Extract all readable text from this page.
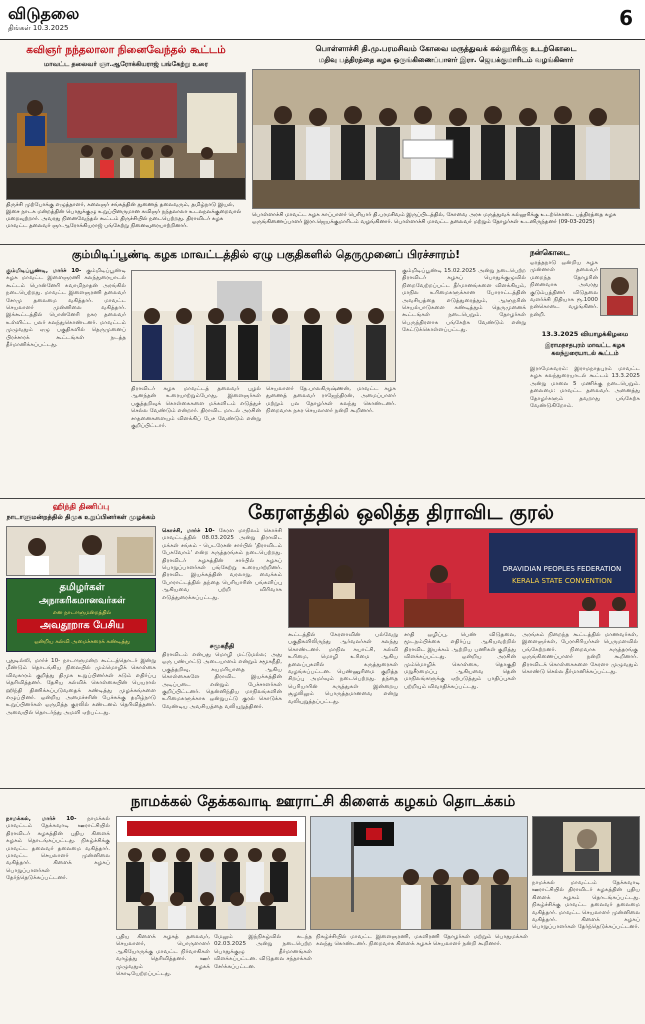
விடுதலை
திங்கள் 10.3.2025	6
கவிஞர் நந்தலாலா நினைவேந்தல் கூட்டம்
மாவட்ட தலைவர் ஞா.ஆரோக்கியராஜ் பங்கேற்று உரை
திருச்சி முற்போக்கு எழுத்தாளர், கலைஞர் சங்கத்தின் துணைத் தலைவரும், தமிழ்நாடு இயல், இசை நாடக மன்றத்தின் பொதுக்குழு உறுப்பினருமான கவிஞர் நந்தலாலா உடலநலக்குறைவால் மறைவுற்றார். அவரது நினைவேந்தல் கூட்டம் திருச்சியில் நடைபெற்றது. திராவிடர் கழக மாவட்ட தலைவர் ஞா.ஆரோக்கியராஜ் பங்கேற்று நினைவுரையாற்றினார்.
பொள்ளாச்சி தி.மு.பரமசிவம் கோவை மருத்துவக் கல்லூரிக்கு உடற்கொடை
மதிவு பத்திரத்தை கழக ஒருங்கிணைப்பாளர் இரா. ஜெயக்குமாரிடம் வழங்கினார்
பொள்ளாச்சி மாவட்ட கழக காப்பாளர் பெரியார் தி.பரமசிவம் இருப்பிடத்தில், கோவை அரசு மருத்துவக் கல்லூரிக்கு உடற்கொடை பத்திரத்தை கழக ஒருங்கிணைப்பாளர் இரா.ஜெயக்குமாரிடம் வழங்கினார். பொள்ளாச்சி மாவட்ட தலைவர் மற்றும் தோழர்கள் உடனிருந்தனர் (09-03-2025)
கும்மிடிப்பூண்டி கழக மாவட்டத்தில் ஏழு பகுதிகளில் தெருமுனைப் பிரச்சாரம்!
கும்மிடிப்பூண்டி, மார்ச் 10- கும்மிடிப்பூண்டி கழக மாவட்ட இளைஞரணி கலந்துரையாடல் கூட்டம் பொன்னேரி சுவாமிநாதன் அரங்கில் நடைபெற்றது. மாவட்ட இளைஞரணி தலைவர் சோமு தலைமை வகித்தார். மாவட்ட செயலாளர் முன்னிலை வகித்தார். இக்கூட்டத்தில் பொன்னேரி நகர தலைவர் உள்ளிட்ட பலர் கலந்துகொண்டனர். மாவட்டம் முழுவதும் ஏழு பகுதிகளில் தெருமுனைப் பிரச்சாரக் கூட்டங்கள் நடத்த தீர்மானிக்கப்பட்டது.
திராவிடர் கழக மாவட்டத் தலைவர் புழல் ஆனந்தன் உரையாற்றும்போது, இளைஞர்கள் பகுத்தறிவுக் கொள்கைகளை மக்களிடம் எடுத்துச் செல்ல வேண்டும் என்றார். திராவிட மாடல் அரசின் சாதனைகளையும் விளக்கிப் பேச வேண்டும் என்று குறிப்பிட்டார்.
செயலாளர் தே.பாலகிருஷ்ணன், மாவட்ட கழக துணைத் தலைவர் ராஜேந்திரன், அமைப்பாளர் மற்றும் பல தோழர்கள் கலந்து கொண்டனர். நிறைவாக நகர செயலாளர் நன்றி கூறினார்.
கும்மிடிப்பூண்டி 15.02.2025 அன்று நடைபெற்ற திராவிடர் கழகப் பொதுக்குழுவில் நிறைவேற்றப்பட்ட தீர்மானங்களை விளக்கியும், மாநில உரிமைகளுக்கான போராட்டத்தின் அவசியத்தை எடுத்துரைத்தும், ஆளுநரின் செயல்பாடுகளை கண்டித்தும் தெருமுனைக் கூட்டங்கள் நடைபெறும். தோழர்கள் பெருந்திரளாக பங்கேற்க வேண்டும் என்று கேட்டுக்கொள்ளப்பட்டது.
நன்கொடை
ஒரத்தநாடு ஒன்றிய கழக முன்னாள் தலைவர் மறைந்த தோழரின் நினைவாக அவரது குடும்பத்தினர் விடுதலை வளர்ச்சி நிதியாக ரூ.1000 நன்கொடை வழங்கினர். நன்றி.
13.3.2025 வியாழக்கிழமை
இராமநாதபுரம் மாவட்ட கழக கலந்துரையாடல் கூட்டம்
இராமேசுவரம்: இராமநாதபுரம் மாவட்ட கழக கலந்துரையாடல் கூட்டம் 13.3.2025 அன்று மாலை 5 மணிக்கு நடைபெறும். தலைமை: மாவட்ட தலைவர். அனைத்து தோழர்களும் தவறாது பங்கேற்க வேண்டுகிறோம்.
ஹிந்தி திணிப்பு
நாடாளுமன்றத்தில் திமுக உறுப்பினர்கள் முழக்கம்
தமிழர்கள்
அநாகரிகமானவர்கள்
என நாடாளுமன்றத்தில்
அவதூறாக பேசிய
ஒன்றிய கல்வி அமைச்சரைக் கண்டித்து
புதுடில்லி, மார்ச் 10- நாடாளுமன்ற கூட்டத்தொடர் இன்று மீண்டும் தொடங்கிய நிலையில் மும்மொழிக் கொள்கை விவகாரம் குறித்து திமுக உறுப்பினர்கள் கடும் எதிர்ப்பு தெரிவித்தனர். தேசிய கல்விக் கொள்கையின் பெயரால் ஹிந்தி திணிக்கப்படுவதைக் கண்டித்து முழக்கங்களை எழுப்பினர். ஒன்றிய அமைச்சரின் பேச்சுக்கு தமிழ்நாடு உறுப்பினர்கள் ஒருமித்த குரலில் கண்டனம் தெரிவித்தனர். அவையில் தொடர்ந்து அமளி ஏற்பட்டது.
கேரளத்தில் ஒலித்த திராவிட குரல்
கொச்சி, மார்ச் 10- கேரள மாநிலம் கொச்சி மாவட்டத்தில் 08.03.2025 அன்று திராவிட மக்கள் சங்கம் - பெடரேசன் சார்பில் 'திராவிடம் பேசுவோம்' என்ற கருத்தரங்கம் நடைபெற்றது. திராவிடர் கழகத்தின் சார்பில் கழகப் பொறுப்பாளர்கள் பங்கேற்று உரையாற்றினர். திராவிட இயக்கத்தின் வரலாறு, வைக்கம் போராட்டத்தில் தந்தை பெரியாரின் பங்களிப்பு ஆகியவை பற்றி விரிவாக எடுத்துரைக்கப்பட்டது.
சமூகநீதி
திராவிடம் என்பது மொழி மட்டுமல்ல; அது ஒரு பண்பாட்டு அடையாளம் என்றும் சமூகநீதி, பகுத்தறிவு, சுயமரியாதை ஆகிய கொள்கைகளே திராவிட இயக்கத்தின் அடிப்படை என்றும் பேச்சாளர்கள் குறிப்பிட்டனர். தென்னிந்திய மாநிலங்களின் உரிமைகளுக்காக ஒன்றுபட்டு குரல் கொடுக்க வேண்டிய அவசியத்தை வலியுறுத்தினர்.
DRAVIDIAN PEOPLES FEDERATION
KERALA STATE CONVENTION
கூட்டத்தில் கேரளாவின் பல்வேறு பகுதிகளிலிருந்து ஆர்வலர்கள் கலந்து கொண்டனர். மாநில சுயாட்சி, கல்வி உரிமை, மொழி உரிமை ஆகிய தலைப்புகளில் கருத்துரைகள் வழங்கப்பட்டன. பெண்ணுரிமை குறித்த சிறப்பு அமர்வும் நடைபெற்றது. தந்தை பெரியாரின் கருத்துகள் இன்றைய சூழலிலும் பொருத்தமானவை என்று வலியுறுத்தப்பட்டது.
சாதி ஒழிப்பு, பெண் விடுதலை, மூடநம்பிக்கை எதிர்ப்பு ஆகியவற்றில் திராவிட இயக்கம் ஆற்றிய பணிகள் குறித்து விளக்கப்பட்டது. ஒன்றிய அரசின் மும்மொழிக் கொள்கை, தொகுதி மறுசீரமைப்பு ஆகியவை தென் மாநிலங்களுக்கு ஏற்படுத்தும் பாதிப்புகள் பற்றியும் விவாதிக்கப்பட்டது.
அரங்கம் நிறைந்த கூட்டத்தில் மாணவர்கள், இளைஞர்கள், பேராசிரியர்கள் பெருமளவில் பங்கேற்றனர். நிறைவாக கருத்தரங்கு ஒருங்கிணைப்பாளர் நன்றி கூறினார். திராவிடக் கொள்கைகளை கேரளா முழுவதும் கொண்டு செல்ல தீர்மானிக்கப்பட்டது.
நாமக்கல் தேக்கவாடி ஊராட்சி கிளைக் கழகம் தொடக்கம்
நாமக்கல், மார்ச் 10- நாமக்கல் மாவட்டம் தேக்கவாடி ஊராட்சியில் திராவிடர் கழகத்தின் புதிய கிளைக் கழகம் தொடங்கப்பட்டது. நிகழ்ச்சிக்கு மாவட்ட தலைவர் தலைமை வகித்தார். மாவட்ட செயலாளர் முன்னிலை வகித்தார். கிளைக் கழகப் பொறுப்பாளர்கள் தேர்ந்தெடுக்கப்பட்டனர்.
புதிய கிளைக் கழகத் தலைவர், செயலாளர், பொருளாளர் ஆகியோருக்கு மாவட்ட நிர்வாகிகள் வாழ்த்து தெரிவித்தனர். ஊர் முழுவதும் கழகக் கொடியேற்றப்பட்டது.
மேலும் இந்நிகழ்வில் கடந்த 02.03.2025 அன்று நடைபெற்ற பொதுக்குழு தீர்மானங்கள் விளக்கப்பட்டன. விடுதலை சந்தாக்கள் சேர்க்கப்பட்டன.
நிகழ்ச்சியில் மாவட்ட இளைஞரணி, மகளிரணி தோழர்கள் மற்றும் பொதுமக்கள் கலந்து கொண்டனர். நிறைவாக கிளைக் கழகச் செயலாளர் நன்றி கூறினார்.
நாமக்கல் மாவட்டம் தேக்கவாடி ஊராட்சியில் திராவிடர் கழகத்தின் புதிய கிளைக் கழகம் தொடங்கப்பட்டது. நிகழ்ச்சிக்கு மாவட்ட தலைவர் தலைமை வகித்தார். மாவட்ட செயலாளர் முன்னிலை வகித்தார். கிளைக் கழகப் பொறுப்பாளர்கள் தேர்ந்தெடுக்கப்பட்டனர்.
